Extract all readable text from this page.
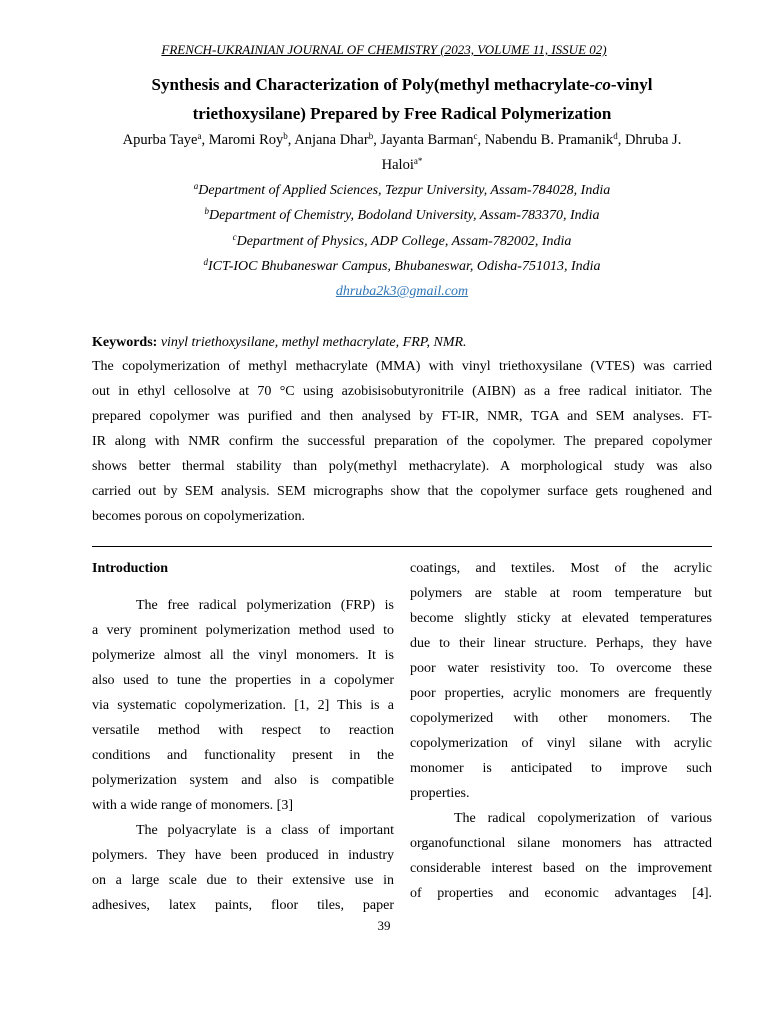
FRENCH-UKRAINIAN JOURNAL OF CHEMISTRY (2023, VOLUME 11, ISSUE 02)
Synthesis and Characterization of Poly(methyl methacrylate-co-vinyl
triethoxysilane) Prepared by Free Radical Polymerization
Apurba Taye$^a$, Maromi Roy$^b$, Anjana Dhar$^b$, Jayanta Barman$^c$, Nabendu B. Pramanik$^d$, Dhruba J.
Haloi$^{a*}$
$^a$Department of Applied Sciences, Tezpur University, Assam-784028, India
$^b$Department of Chemistry, Bodoland University, Assam-783370, India
$^c$Department of Physics, ADP College, Assam-782002, India
$^d$ICT-IOC Bhubaneswar Campus, Bhubaneswar, Odisha-751013, India
dhruba2k3@gmail.com
Keywords: vinyl triethoxysilane, methyl methacrylate, FRP, NMR.
The copolymerization of methyl methacrylate (MMA) with vinyl triethoxysilane (VTES) was carried
out in ethyl cellosolve at 70 °C using azobisisobutyronitrile (AIBN) as a free radical initiator. The
prepared copolymer was purified and then analysed by FT-IR, NMR, TGA and SEM analyses. FT-
IR along with NMR confirm the successful preparation of the copolymer. The prepared copolymer
shows better thermal stability than poly(methyl methacrylate). A morphological study was also
carried out by SEM analysis. SEM micrographs show that the copolymer surface gets roughened and
becomes porous on copolymerization.
Introduction
The free radical polymerization (FRP) is
a very prominent polymerization method used to
polymerize almost all the vinyl monomers. It is
also used to tune the properties in a copolymer
via systematic copolymerization. [1, 2] This is a
versatile method with respect to reaction
conditions and functionality present in the
polymerization system and also is compatible
with a wide range of monomers. [3]
The polyacrylate is a class of important
polymers. They have been produced in industry
on a large scale due to their extensive use in
adhesives, latex paints, floor tiles, paper
coatings, and textiles. Most of the acrylic
polymers are stable at room temperature but
become slightly sticky at elevated temperatures
due to their linear structure. Perhaps, they have
poor water resistivity too. To overcome these
poor properties, acrylic monomers are frequently
copolymerized with other monomers. The
copolymerization of vinyl silane with acrylic
monomer is anticipated to improve such
properties.
The radical copolymerization of various
organofunctional silane monomers has attracted
considerable interest based on the improvement
of properties and economic advantages [4].
39
